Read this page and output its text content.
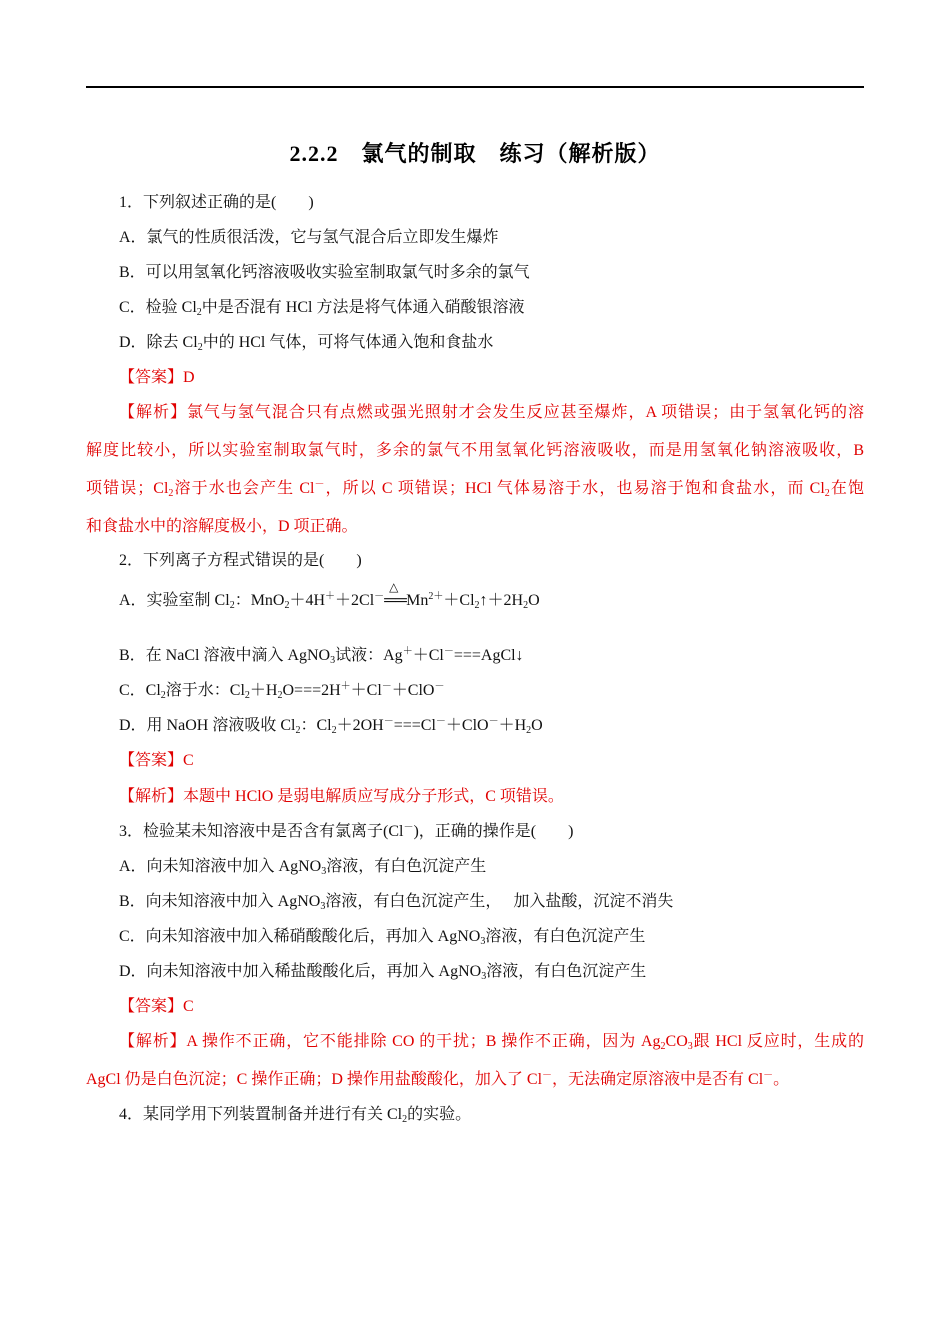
2.2.2　氯气的制取　练习（解析版）
1．下列叙述正确的是(　　)
A．氯气的性质很活泼，它与氢气混合后立即发生爆炸
B．可以用氢氧化钙溶液吸收实验室制取氯气时多余的氯气
C．检验 $Cl_2$中是否混有 HCl 方法是将气体通入硝酸银溶液
D．除去 $Cl_2$中的 HCl 气体，可将气体通入饱和食盐水
【答案】D
【解析】氯气与氢气混合只有点燃或强光照射才会发生反应甚至爆炸，A 项错误；由于氢氧化钙的溶
解度比较小，所以实验室制取氯气时，多余的氯气不用氢氧化钙溶液吸收，而是用氢氧化钠溶液吸收，B
项错误；$Cl_2$溶于水也会产生 Cl－，所以 C 项错误；HCl 气体易溶于水，也易溶于饱和食盐水，而 $Cl_2$在饱
和食盐水中的溶解度极小，D 项正确。
2．下列离子方程式错误的是(　　)
A．实验室制 $Cl_2$：MnO$_2$＋4H＋＋2Cl－
△
$══Mn^{2+}+Cl_2↑+2H_2O$
B．在 NaCl 溶液中滴入 AgNO$_3$试液：Ag＋＋Cl－===AgCl↓
C．$Cl_2$溶于水：$Cl_2+H_2O===2H^++Cl^-+ClO^-$
D．用 NaOH 溶液吸收 $Cl_2$：$Cl_2+2OH^-===Cl^-+ClO^-+H_2O$
【答案】C
【解析】本题中 HClO 是弱电解质应写成分子形式，C 项错误。
3．检验某未知溶液中是否含有氯离子(Cl－)，正确的操作是(　　)
A．向未知溶液中加入 AgNO$_3$溶液，有白色沉淀产生
B．向未知溶液中加入 AgNO$_3$溶液，有白色沉淀产生，　 加入盐酸，沉淀不消失
C．向未知溶液中加入稀硝酸酸化后，再加入 AgNO$_3$溶液，有白色沉淀产生
D．向未知溶液中加入稀盐酸酸化后，再加入 AgNO$_3$溶液，有白色沉淀产生
【答案】C
【解析】A 操作不正确，它不能排除 CO 的干扰；B 操作不正确，因为 $Ag_2CO_3$跟 HCl 反应时，生成的
AgCl 仍是白色沉淀；C 操作正确；D 操作用盐酸酸化，加入了 Cl－，无法确定原溶液中是否有 Cl－。
4．某同学用下列装置制备并进行有关 $Cl_2$的实验。
